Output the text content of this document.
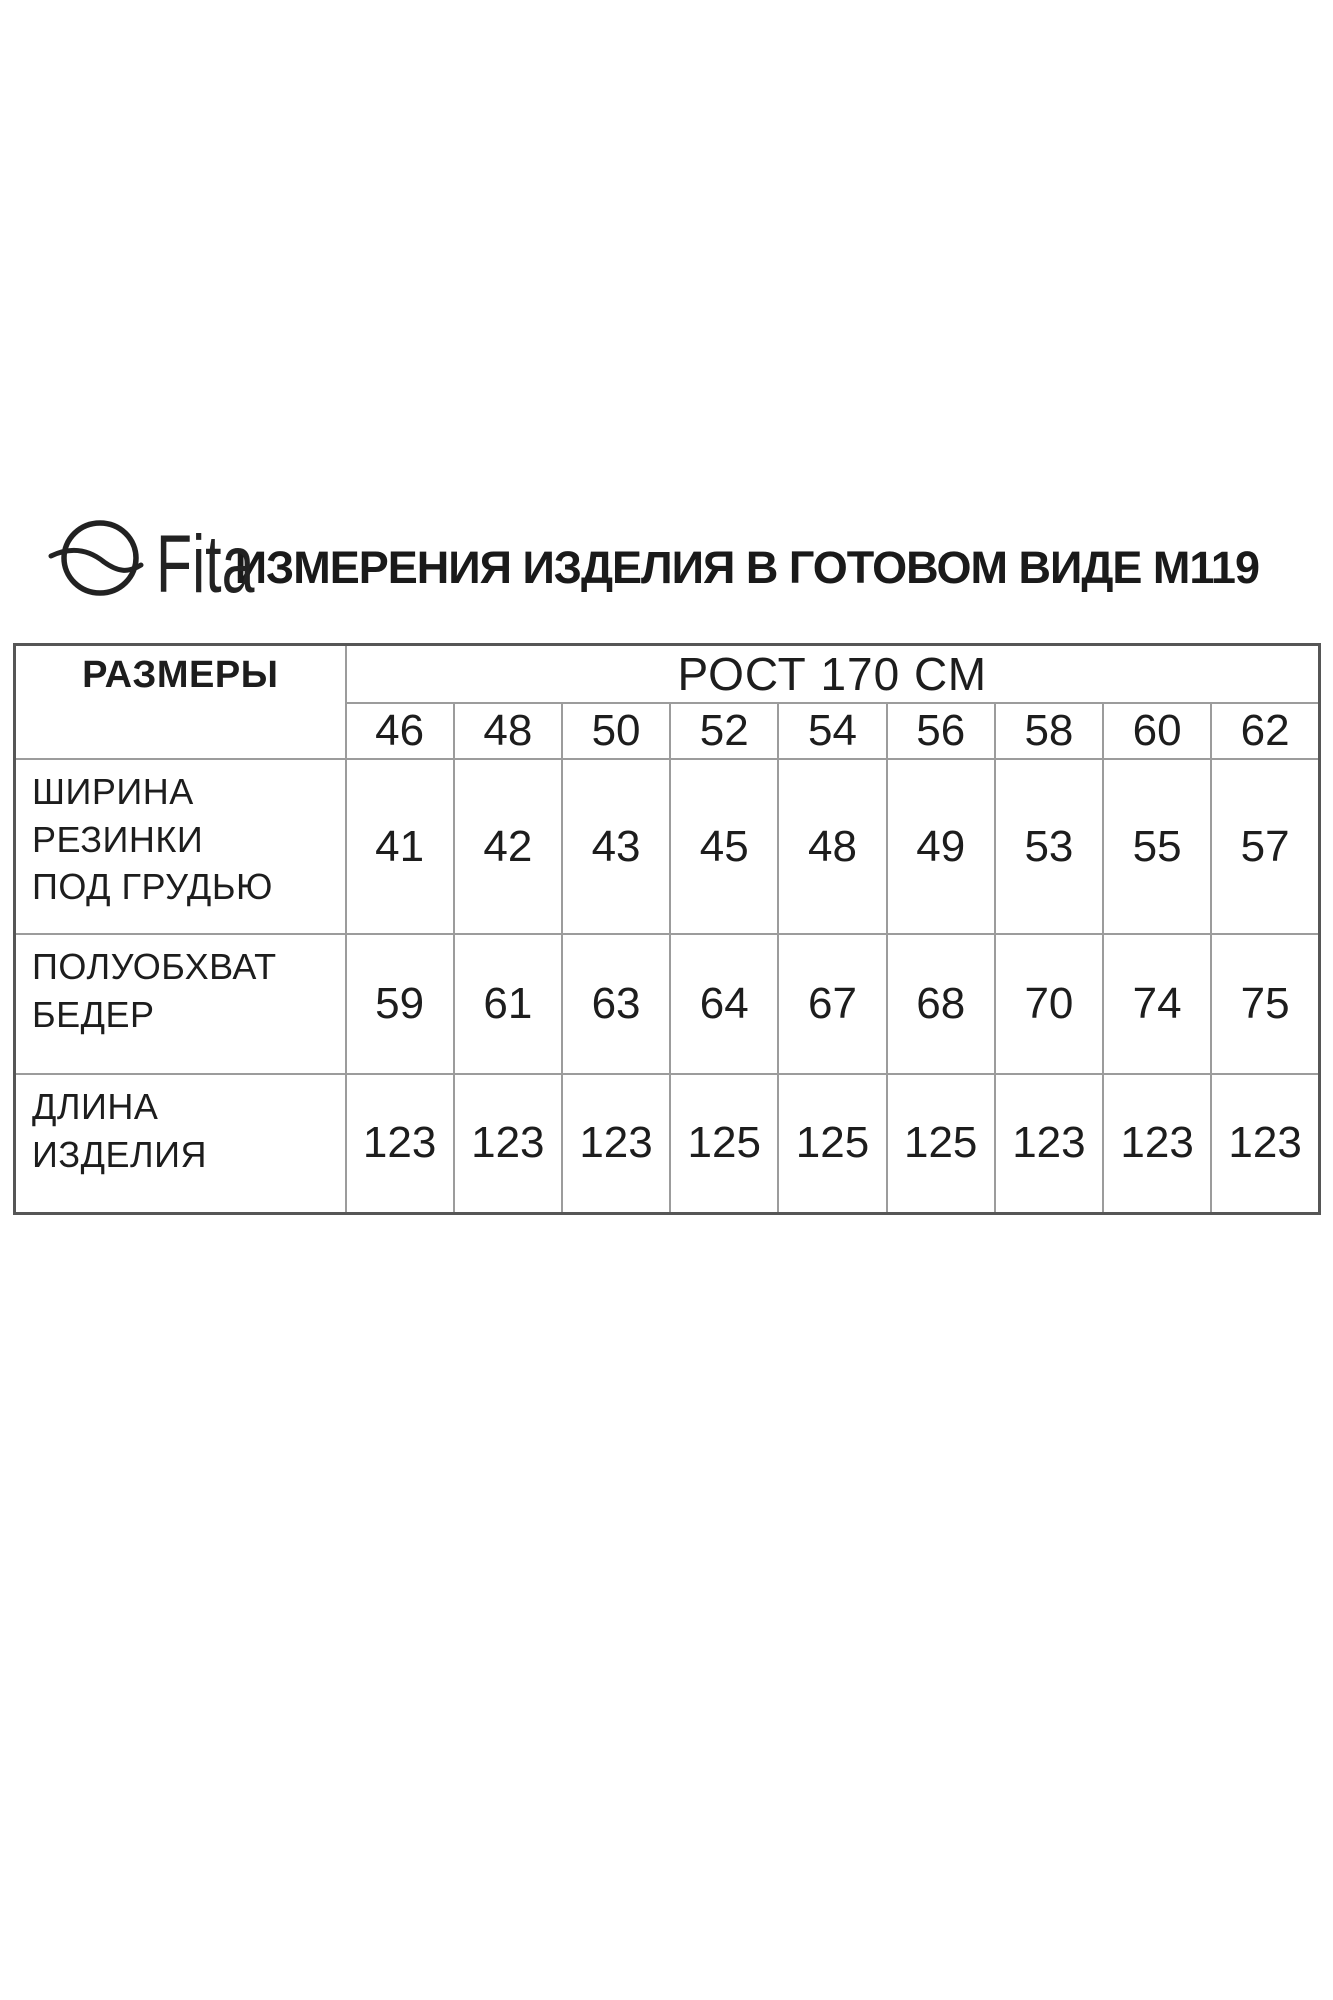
Fita
ИЗМЕРЕНИЯ ИЗДЕЛИЯ В ГОТОВОМ ВИДЕ М119
РАЗМЕРЫ	РОСТ 170 СМ								
	46	48	50	52	54	56	58	60	62

ШИРИНА
РЕЗИНКИ
ПОД ГРУДЬЮ	41	42	43	45	48	49	53	55	57

ПОЛУОБХВАТ
БЕДЕР	59	61	63	64	67	68	70	74	75

ДЛИНА
ИЗДЕЛИЯ	123	123	123	125	125	125	123	123	123
